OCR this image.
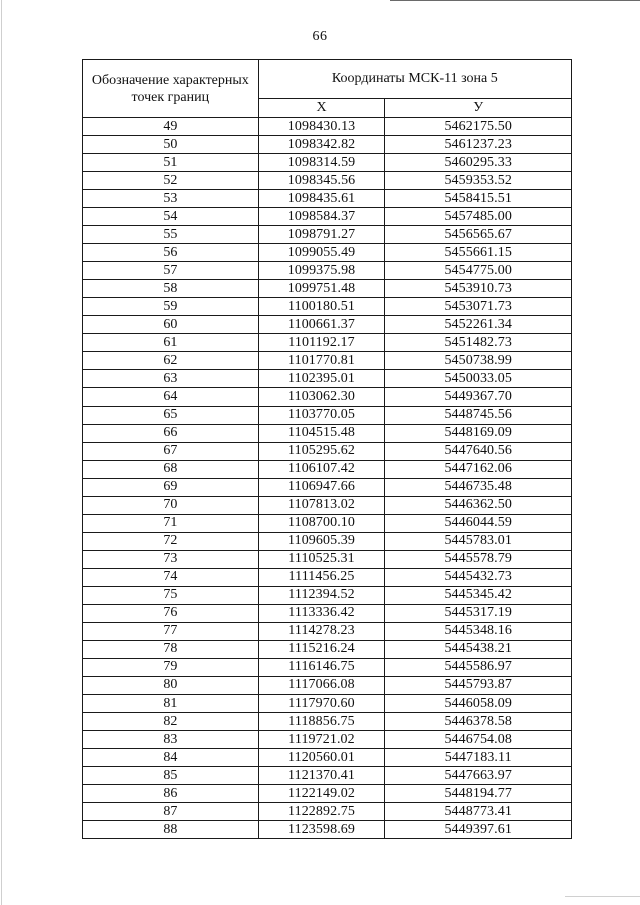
66
Обозначение характерных точек границ	Координаты МСК-11 зона 5	
	X	У
49	1098430.13	5462175.50
50	1098342.82	5461237.23
51	1098314.59	5460295.33
52	1098345.56	5459353.52
53	1098435.61	5458415.51
54	1098584.37	5457485.00
55	1098791.27	5456565.67
56	1099055.49	5455661.15
57	1099375.98	5454775.00
58	1099751.48	5453910.73
59	1100180.51	5453071.73
60	1100661.37	5452261.34
61	1101192.17	5451482.73
62	1101770.81	5450738.99
63	1102395.01	5450033.05
64	1103062.30	5449367.70
65	1103770.05	5448745.56
66	1104515.48	5448169.09
67	1105295.62	5447640.56
68	1106107.42	5447162.06
69	1106947.66	5446735.48
70	1107813.02	5446362.50
71	1108700.10	5446044.59
72	1109605.39	5445783.01
73	1110525.31	5445578.79
74	1111456.25	5445432.73
75	1112394.52	5445345.42
76	1113336.42	5445317.19
77	1114278.23	5445348.16
78	1115216.24	5445438.21
79	1116146.75	5445586.97
80	1117066.08	5445793.87
81	1117970.60	5446058.09
82	1118856.75	5446378.58
83	1119721.02	5446754.08
84	1120560.01	5447183.11
85	1121370.41	5447663.97
86	1122149.02	5448194.77
87	1122892.75	5448773.41
88	1123598.69	5449397.61
